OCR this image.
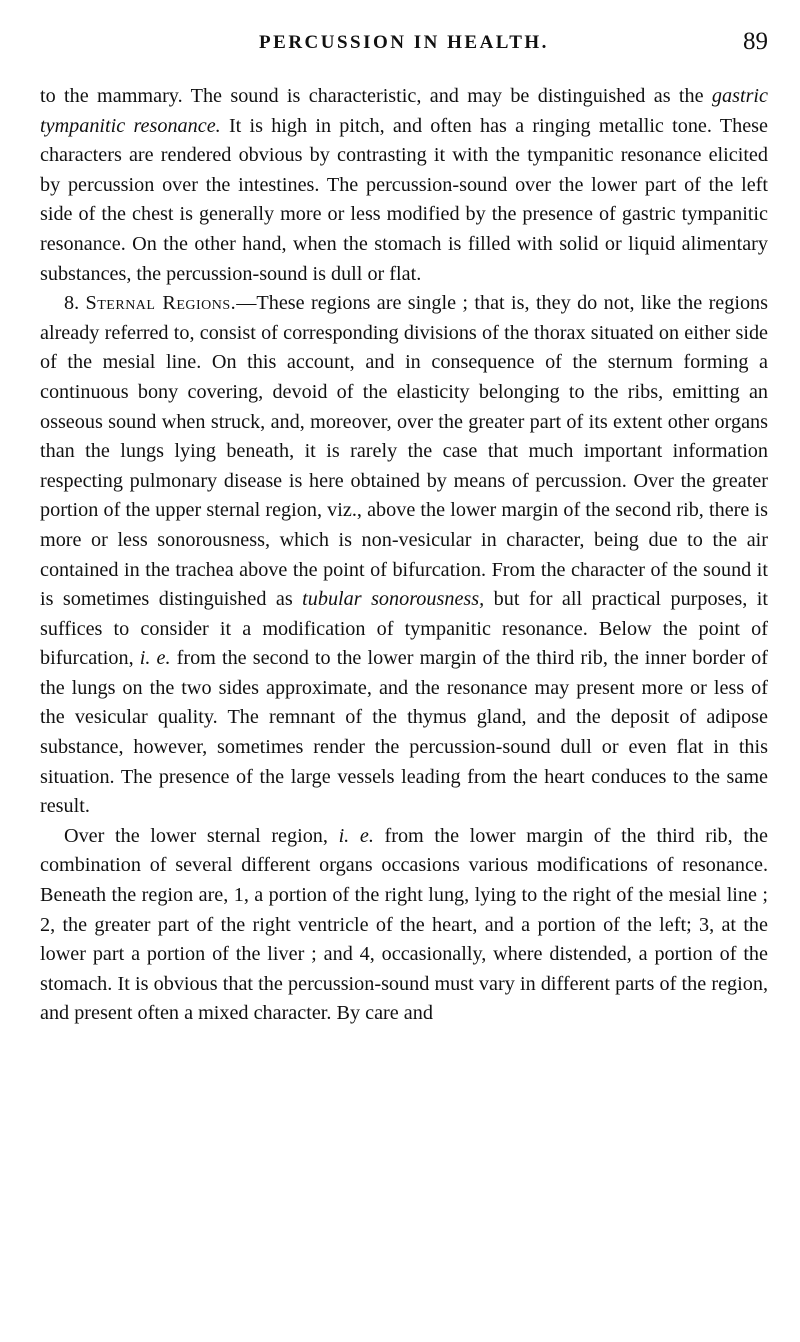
PERCUSSION IN HEALTH.	89

to the mammary. The sound is characteristic, and may be distinguished as the gastric tympanitic resonance. It is high in pitch, and often has a ringing metallic tone. These characters are rendered obvious by contrasting it with the tympanitic resonance elicited by percussion over the intestines. The percussion-sound over the lower part of the left side of the chest is generally more or less modified by the presence of gastric tympanitic resonance. On the other hand, when the stomach is filled with solid or liquid alimentary substances, the percussion-sound is dull or flat.

8. Sternal Regions.—These regions are single ; that is, they do not, like the regions already referred to, consist of corresponding divisions of the thorax situated on either side of the mesial line. On this account, and in consequence of the sternum forming a continuous bony covering, devoid of the elasticity belonging to the ribs, emitting an osseous sound when struck, and, moreover, over the greater part of its extent other organs than the lungs lying beneath, it is rarely the case that much important information respecting pulmonary disease is here obtained by means of percussion. Over the greater portion of the upper sternal region, viz., above the lower margin of the second rib, there is more or less sonorousness, which is non-vesicular in character, being due to the air contained in the trachea above the point of bifurcation. From the character of the sound it is sometimes distinguished as tubular sonorousness, but for all practical purposes, it suffices to consider it a modification of tympanitic resonance. Below the point of bifurcation, i. e. from the second to the lower margin of the third rib, the inner border of the lungs on the two sides approximate, and the resonance may present more or less of the vesicular quality. The remnant of the thymus gland, and the deposit of adipose substance, however, sometimes render the percussion-sound dull or even flat in this situation. The presence of the large vessels leading from the heart conduces to the same result.

Over the lower sternal region, i. e. from the lower margin of the third rib, the combination of several different organs occasions various modifications of resonance. Beneath the region are, 1, a portion of the right lung, lying to the right of the mesial line ; 2, the greater part of the right ventricle of the heart, and a portion of the left; 3, at the lower part a portion of the liver ; and 4, occasionally, where distended, a portion of the stomach. It is obvious that the percussion-sound must vary in different parts of the region, and present often a mixed character. By care and
